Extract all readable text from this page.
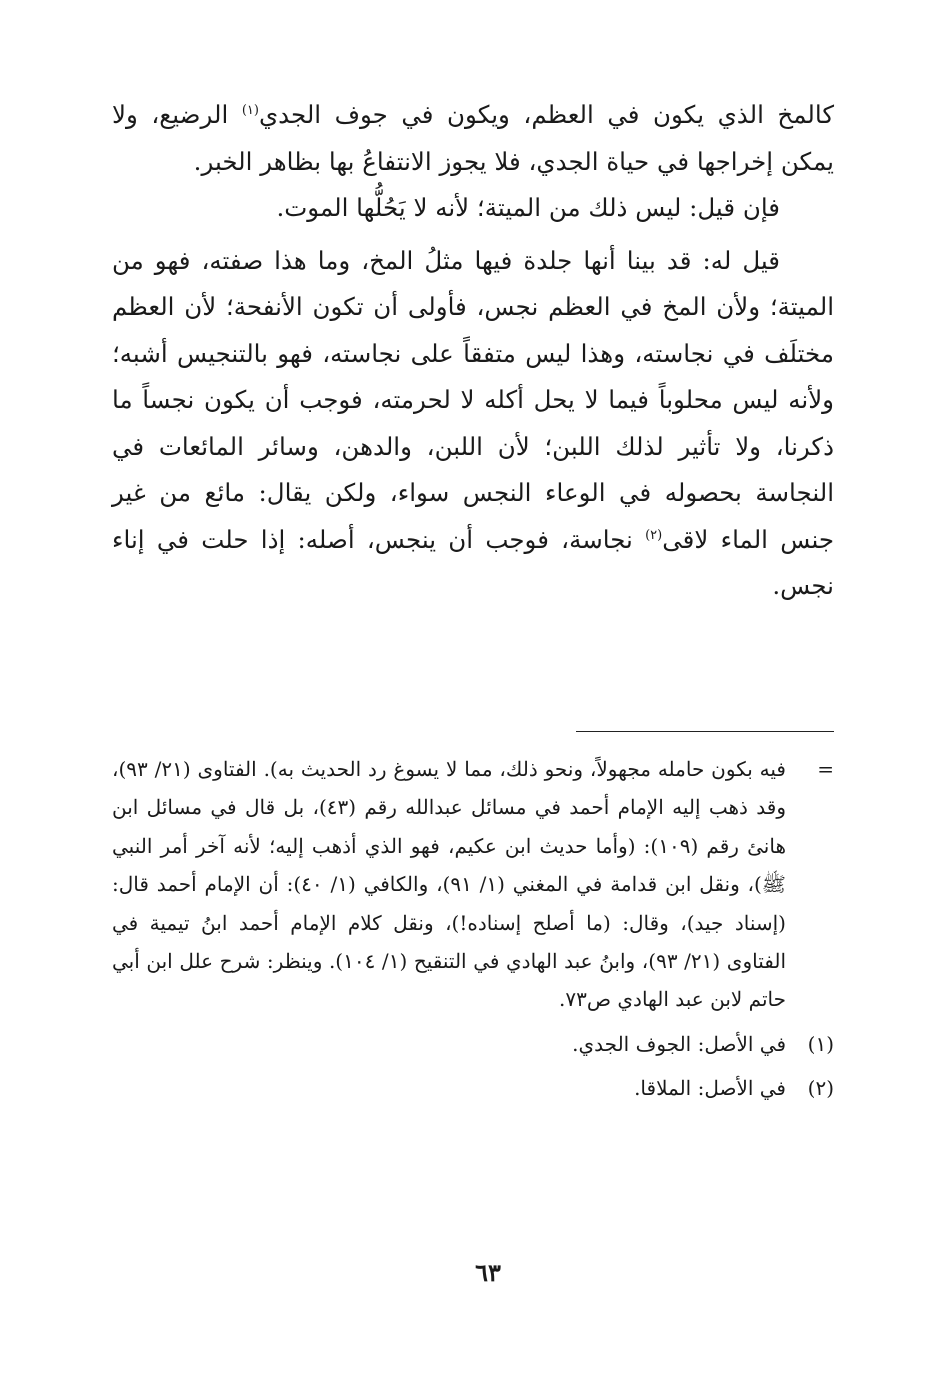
كالمخ الذي يكون في العظم، ويكون في جوف الجدي$^{(١)}$ الرضيع، ولا يمكن إخراجها في حياة الجدي، فلا يجوز الانتفاعُ بها بظاهر الخبر.

فإن قيل: ليس ذلك من الميتة؛ لأنه لا يَحُلُّها الموت.

قيل له: قد بينا أنها جلدة فيها مثلُ المخ، وما هذا صفته، فهو من الميتة؛ ولأن المخ في العظم نجس، فأولى أن تكون الأنفحة؛ لأن العظم مختلَف في نجاسته، وهذا ليس متفقاً على نجاسته، فهو بالتنجيس أشبه؛ ولأنه ليس محلوباً فيما لا يحل أكله لا لحرمته، فوجب أن يكون نجساً ما ذكرنا، ولا تأثير لذلك اللبن؛ لأن اللبن، والدهن، وسائر المائعات في النجاسة بحصوله في الوعاء النجس سواء، ولكن يقال: مائع من غير جنس الماء لاقى$^{(٢)}$ نجاسة، فوجب أن ينجس، أصله: إذا حلت في إناء نجس.

=
فيه بكون حامله مجهولاً، ونحو ذلك، مما لا يسوغ رد الحديث به). الفتاوى (٢١/ ٩٣)، وقد ذهب إليه الإمام أحمد في مسائل عبدالله رقم (٤٣)، بل قال في مسائل ابن هانئ رقم (١٠٩): (وأما حديث ابن عكيم، فهو الذي أذهب إليه؛ لأنه آخر أمر النبي ﷺ)، ونقل ابن قدامة في المغني (١/ ٩١)، والكافي (١/ ٤٠): أن الإمام أحمد قال: (إسناد جيد)، وقال: (ما أصلح إسناده!)، ونقل كلام الإمام أحمد ابنُ تيمية في الفتاوى (٢١/ ٩٣)، وابنُ عبد الهادي في التنقيح (١/ ١٠٤). وينظر: شرح علل ابن أبي حاتم لابن عبد الهادي ص٧٣.
(١)
في الأصل: الجوف الجدي.
(٢)
في الأصل: الملاقا.
٦٣
